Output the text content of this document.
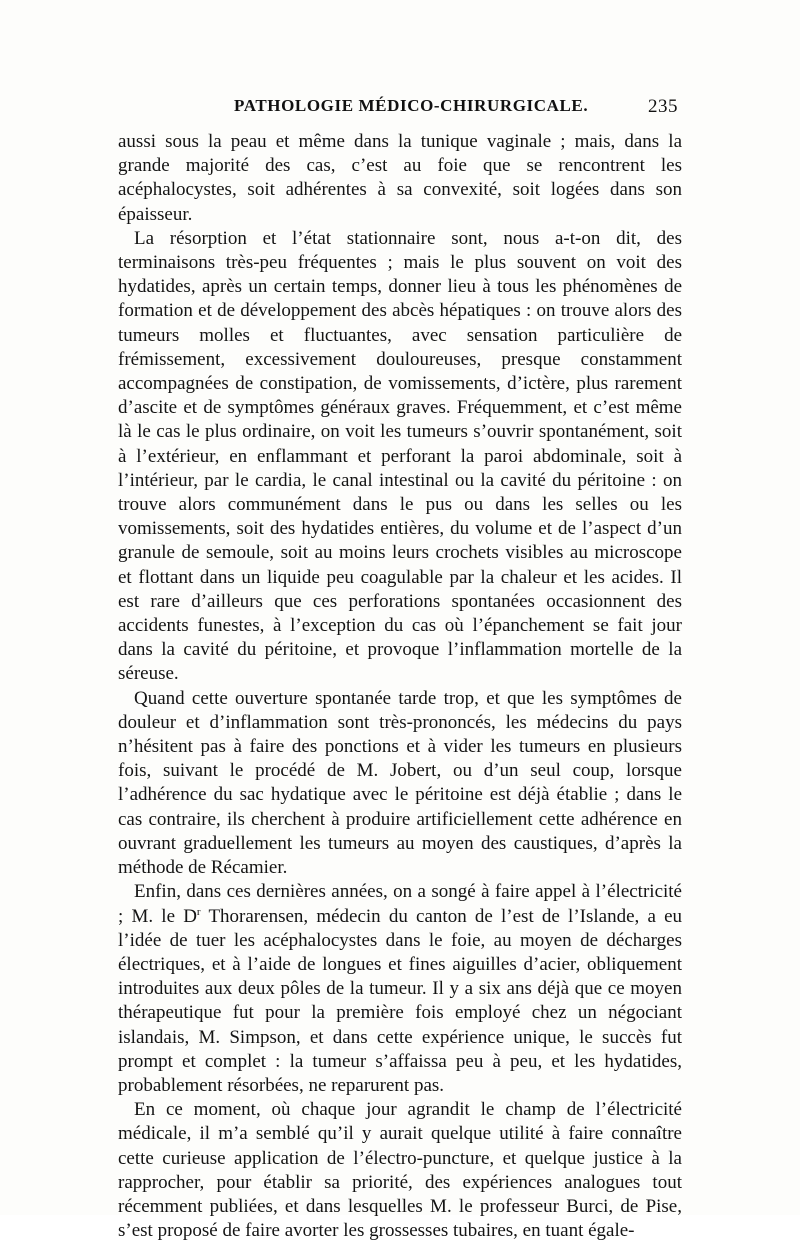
PATHOLOGIE MÉDICO-CHIRURGICALE.	235

aussi sous la peau et même dans la tunique vaginale ; mais, dans la grande majorité des cas, c’est au foie que se rencontrent les acéphalocystes, soit adhérentes à sa convexité, soit logées dans son épaisseur.

La résorption et l’état stationnaire sont, nous a-t-on dit, des terminaisons très-peu fréquentes ; mais le plus souvent on voit des hydatides, après un certain temps, donner lieu à tous les phénomènes de formation et de développement des abcès hépatiques : on trouve alors des tumeurs molles et fluctuantes, avec sensation particulière de frémissement, excessivement douloureuses, presque constamment accompagnées de constipation, de vomissements, d’ictère, plus rarement d’ascite et de symptômes généraux graves. Fréquemment, et c’est même là le cas le plus ordinaire, on voit les tumeurs s’ouvrir spontanément, soit à l’extérieur, en enflammant et perforant la paroi abdominale, soit à l’intérieur, par le cardia, le canal intestinal ou la cavité du péritoine : on trouve alors communément dans le pus ou dans les selles ou les vomissements, soit des hydatides entières, du volume et de l’aspect d’un granule de semoule, soit au moins leurs crochets visibles au microscope et flottant dans un liquide peu coagulable par la chaleur et les acides. Il est rare d’ailleurs que ces perforations spontanées occasionnent des accidents funestes, à l’exception du cas où l’épanchement se fait jour dans la cavité du péritoine, et provoque l’inflammation mortelle de la séreuse.

Quand cette ouverture spontanée tarde trop, et que les symptômes de douleur et d’inflammation sont très-prononcés, les médecins du pays n’hésitent pas à faire des ponctions et à vider les tumeurs en plusieurs fois, suivant le procédé de M. Jobert, ou d’un seul coup, lorsque l’adhérence du sac hydatique avec le péritoine est déjà établie ; dans le cas contraire, ils cherchent à produire artificiellement cette adhérence en ouvrant graduellement les tumeurs au moyen des caustiques, d’après la méthode de Récamier.

Enfin, dans ces dernières années, on a songé à faire appel à l’électricité ; M. le $D^r$ Thorarensen, médecin du canton de l’est de l’Islande, a eu l’idée de tuer les acéphalocystes dans le foie, au moyen de décharges électriques, et à l’aide de longues et fines aiguilles d’acier, obliquement introduites aux deux pôles de la tumeur. Il y a six ans déjà que ce moyen thérapeutique fut pour la première fois employé chez un négociant islandais, M. Simpson, et dans cette expérience unique, le succès fut prompt et complet : la tumeur s’affaissa peu à peu, et les hydatides, probablement résorbées, ne reparurent pas.

En ce moment, où chaque jour agrandit le champ de l’électricité médicale, il m’a semblé qu’il y aurait quelque utilité à faire connaître cette curieuse application de l’électro-puncture, et quelque justice à la rapprocher, pour établir sa priorité, des expériences analogues tout récemment publiées, et dans lesquelles M. le professeur Burci, de Pise, s’est proposé de faire avorter les grossesses tubaires, en tuant égale-
